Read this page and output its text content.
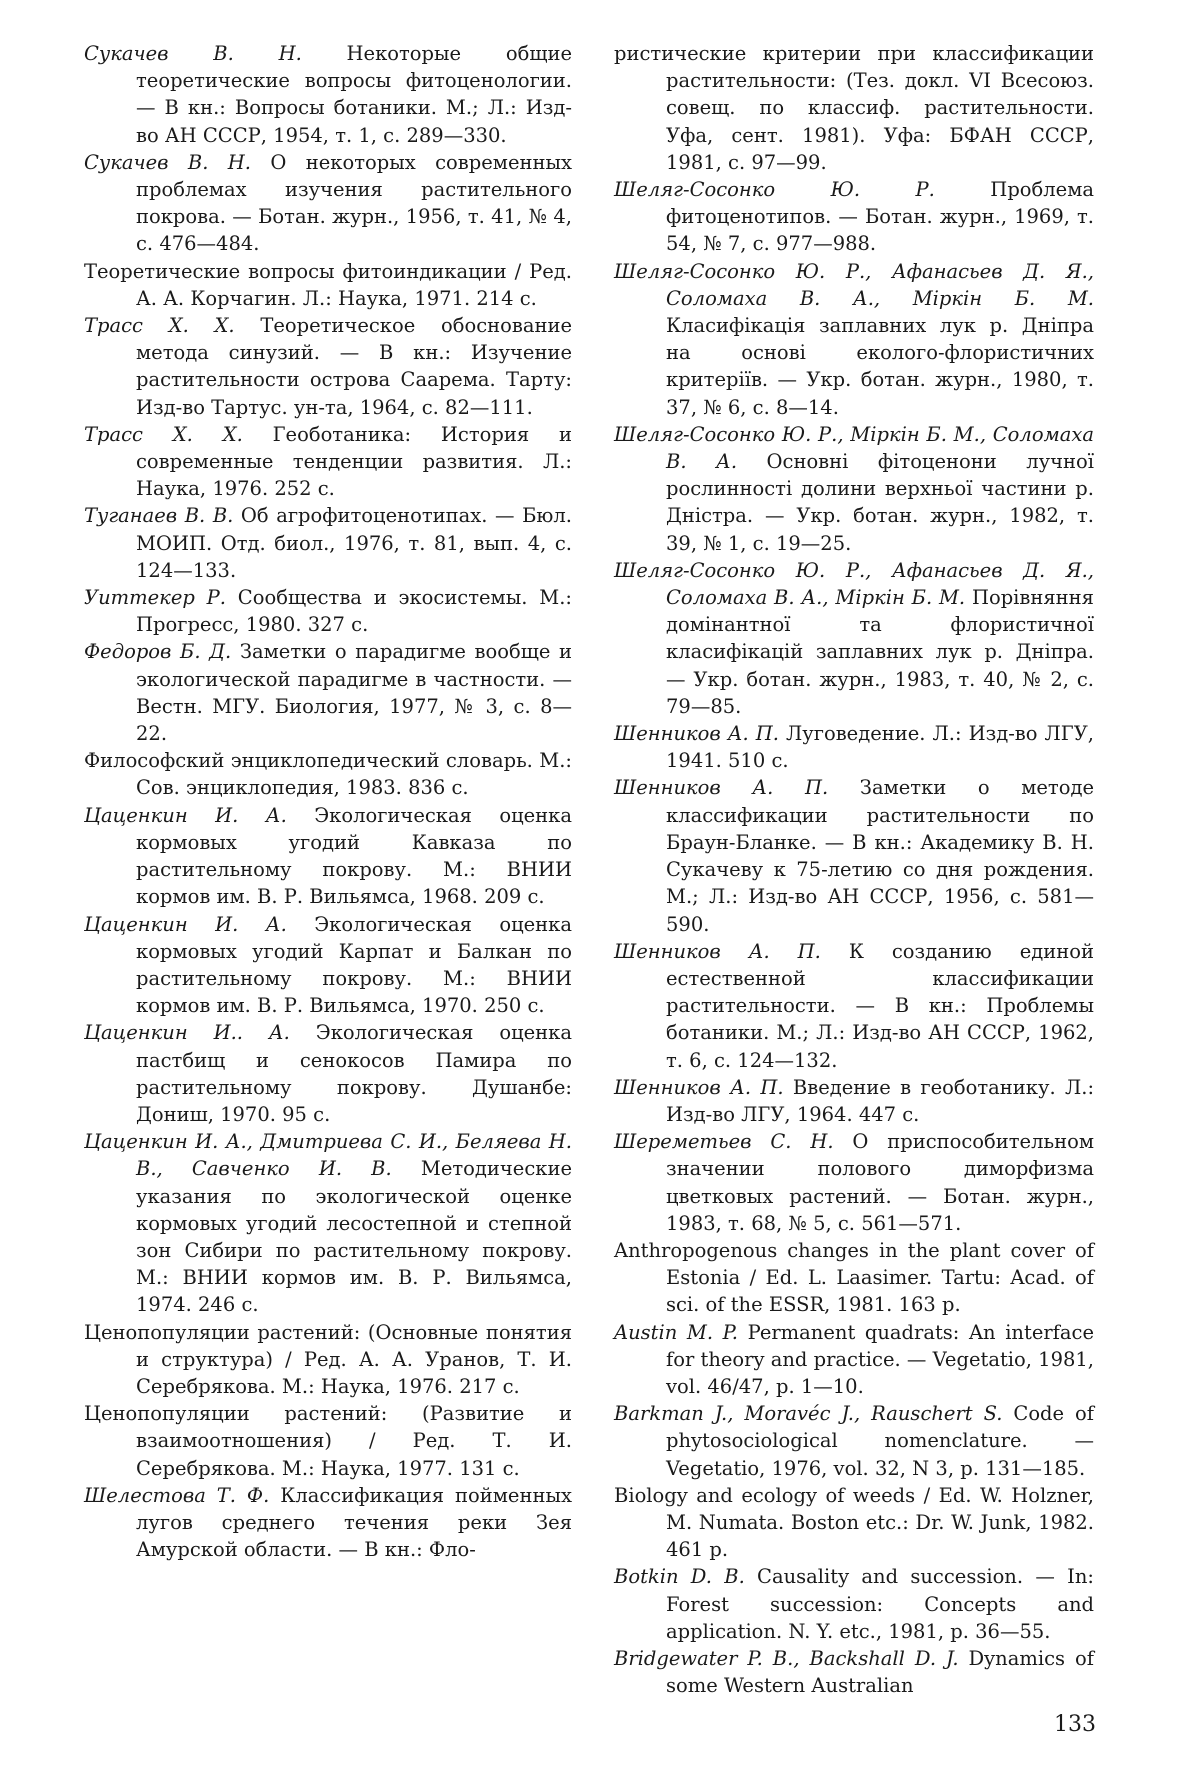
Сукачев В. Н. Некоторые общие теоретические вопросы фитоценологии. — В кн.: Вопросы ботаники. М.; Л.: Изд-во АН СССР, 1954, т. 1, с. 289—330.

Сукачев В. Н. О некоторых современных проблемах изучения растительного покрова. — Ботан. журн., 1956, т. 41, № 4, с. 476—484.

Теоретические вопросы фитоиндикации / Ред. А. А. Корчагин. Л.: Наука, 1971. 214 с.

Трасс Х. Х. Теоретическое обоснование метода синузий. — В кн.: Изучение растительности острова Саарема. Тарту: Изд-во Тартус. ун-та, 1964, с. 82—111.

Трасс Х. Х. Геоботаника: История и современные тенденции развития. Л.: Наука, 1976. 252 с.

Туганаев В. В. Об агрофитоценотипах. — Бюл. МОИП. Отд. биол., 1976, т. 81, вып. 4, с. 124—133.

Уиттекер Р. Сообщества и экосистемы. М.: Прогресс, 1980. 327 с.

Федоров Б. Д. Заметки о парадигме вообще и экологической парадигме в частности. — Вестн. МГУ. Биология, 1977, № 3, с. 8—22.

Философский энциклопедический словарь. М.: Сов. энциклопедия, 1983. 836 с.

Цаценкин И. А. Экологическая оценка кормовых угодий Кавказа по растительному покрову. М.: ВНИИ кормов им. В. Р. Вильямса, 1968. 209 с.

Цаценкин И. А. Экологическая оценка кормовых угодий Карпат и Балкан по растительному покрову. М.: ВНИИ кормов им. В. Р. Вильямса, 1970. 250 с.

Цаценкин И.. А. Экологическая оценка пастбищ и сенокосов Памира по растительному покрову. Душанбе: Дониш, 1970. 95 с.

Цаценкин И. А., Дмитриева С. И., Беляева Н. В., Савченко И. В. Методические указания по экологической оценке кормовых угодий лесостепной и степной зон Сибири по растительному покрову. М.: ВНИИ кормов им. В. Р. Вильямса, 1974. 246 с.

Ценопопуляции растений: (Основные понятия и структура) / Ред. А. А. Уранов, Т. И. Серебрякова. М.: Наука, 1976. 217 с.

Ценопопуляции растений: (Развитие и взаимоотношения) / Ред. Т. И. Серебрякова. М.: Наука, 1977. 131 с.

Шелестова Т. Ф. Классификация пойменных лугов среднего течения реки Зея Амурской области. — В кн.: Фло-

ристические критерии при классификации растительности: (Тез. докл. VI Всесоюз. совещ. по классиф. растительности. Уфа, сент. 1981). Уфа: БФАН СССР, 1981, с. 97—99.

Шеляг-Сосонко Ю. Р. Проблема фитоценотипов. — Ботан. журн., 1969, т. 54, № 7, с. 977—988.

Шеляг-Сосонко Ю. Р., Афанасьев Д. Я., Соломаха В. А., Міркін Б. М. Класифікація заплавних лук р. Дніпра на основі еколого-флористичних критеріїв. — Укр. ботан. журн., 1980, т. 37, № 6, с. 8—14.

Шеляг-Сосонко Ю. Р., Міркін Б. М., Соломаха В. А. Основні фітоценони лучної рослинності долини верхньої частини р. Дністра. — Укр. ботан. журн., 1982, т. 39, № 1, с. 19—25.

Шеляг-Сосонко Ю. Р., Афанасьев Д. Я., Соломаха В. А., Міркін Б. М. Порівняння домінантної та флористичної класифікацій заплавних лук р. Дніпра. — Укр. ботан. журн., 1983, т. 40, № 2, с. 79—85.

Шенников А. П. Луговедение. Л.: Изд-во ЛГУ, 1941. 510 с.

Шенников А. П. Заметки о методе классификации растительности по Браун-Бланке. — В кн.: Академику В. Н. Сукачеву к 75-летию со дня рождения. М.; Л.: Изд-во АН СССР, 1956, с. 581—590.

Шенников А. П. К созданию единой естественной классификации растительности. — В кн.: Проблемы ботаники. М.; Л.: Изд-во АН СССР, 1962, т. 6, с. 124—132.

Шенников А. П. Введение в геоботанику. Л.: Изд-во ЛГУ, 1964. 447 с.

Шереметьев С. Н. О приспособительном значении полового диморфизма цветковых растений. — Ботан. журн., 1983, т. 68, № 5, с. 561—571.

Anthropogenous changes in the plant cover of Estonia / Ed. L. Laasimer. Tartu: Acad. of sci. of the ESSR, 1981. 163 p.

Austin M. P. Permanent quadrats: An interface for theory and practice. — Vegetatio, 1981, vol. 46/47, p. 1—10.

Barkman J., Moravéc J., Rauschert S. Code of phytosociological nomenclature. — Vegetatio, 1976, vol. 32, N 3, p. 131—185.

Biology and ecology of weeds / Ed. W. Holzner, M. Numata. Boston etc.: Dr. W. Junk, 1982. 461 p.

Botkin D. B. Causality and succession. — In: Forest succession: Concepts and application. N. Y. etc., 1981, p. 36—55.

Bridgewater P. B., Backshall D. J. Dynamics of some Western Australian

133
